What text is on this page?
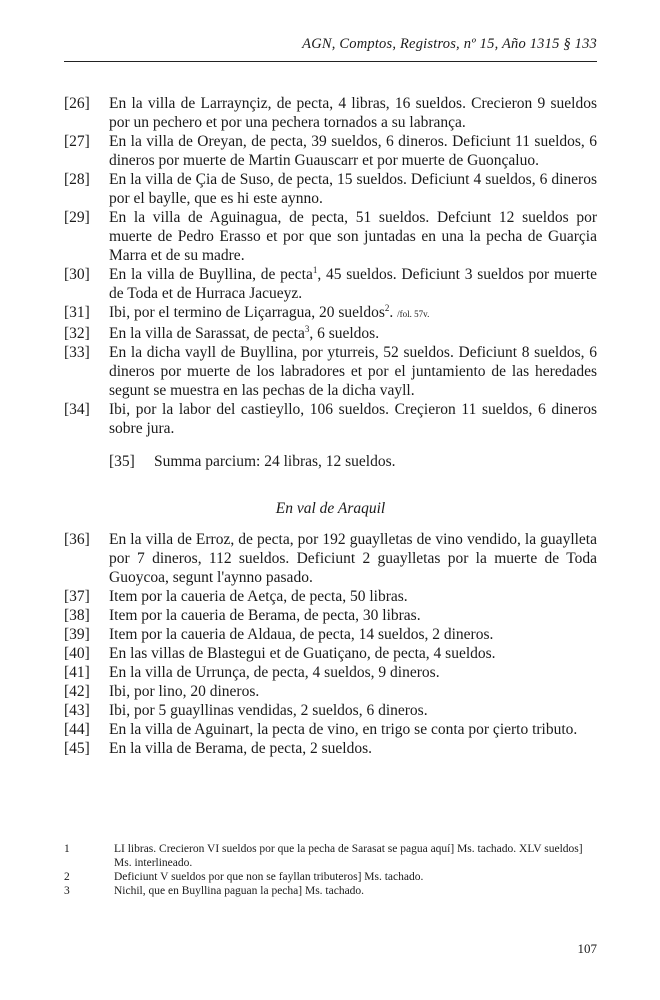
AGN, Comptos, Registros, nº 15, Año 1315 § 133
[26] En la villa de Larraynçiz, de pecta, 4 libras, 16 sueldos. Crecieron 9 sueldos por un pechero et por una pechera tornados a su labrança.
[27] En la villa de Oreyan, de pecta, 39 sueldos, 6 dineros. Deficiunt 11 sueldos, 6 dineros por muerte de Martin Guauscarr et por muerte de Guonçaluo.
[28] En la villa de Çia de Suso, de pecta, 15 sueldos. Deficiunt 4 sueldos, 6 dineros por el baylle, que es hi este aynno.
[29] En la villa de Aguinagua, de pecta, 51 sueldos. Defciunt 12 sueldos por muerte de Pedro Erasso et por que son juntadas en una la pecha de Guarçia Marra et de su madre.
[30] En la villa de Buyllina, de pecta$^1$, 45 sueldos. Deficiunt 3 sueldos por muerte de Toda et de Hurraca Jacueyz.
[31] Ibi, por el termino de Liçarragua, 20 sueldos$^2$. /fol. 57v.
[32] En la villa de Sarassat, de pecta$^3$, 6 sueldos.
[33] En la dicha vayll de Buyllina, por yturreis, 52 sueldos. Deficiunt 8 sueldos, 6 dineros por muerte de los labradores et por el juntamiento de las heredades segunt se muestra en las pechas de la dicha vayll.
[34] Ibi, por la labor del castieyllo, 106 sueldos. Creçieron 11 sueldos, 6 dineros sobre jura.
[35] Summa parcium: 24 libras, 12 sueldos.
En val de Araquil
[36] En la villa de Erroz, de pecta, por 192 guaylletas de vino vendido, la guaylleta por 7 dineros, 112 sueldos. Deficiunt 2 guaylletas por la muerte de Toda Guoycoa, segunt l'aynno pasado.
[37] Item por la caueria de Aetça, de pecta, 50 libras.
[38] Item por la caueria de Berama, de pecta, 30 libras.
[39] Item por la caueria de Aldaua, de pecta, 14 sueldos, 2 dineros.
[40] En las villas de Blastegui et de Guatiçano, de pecta, 4 sueldos.
[41] En la villa de Urrunça, de pecta, 4 sueldos, 9 dineros.
[42] Ibi, por lino, 20 dineros.
[43] Ibi, por 5 guayllinas vendidas, 2 sueldos, 6 dineros.
[44] En la villa de Aguinart, la pecta de vino, en trigo se conta por çierto tributo.
[45] En la villa de Berama, de pecta, 2 sueldos.
1	LI libras. Crecieron VI sueldos por que la pecha de Sarasat se pagua aquí] Ms. tachado. XLV sueldos] Ms. interlineado.
2	Deficiunt V sueldos por que non se fayllan tributeros] Ms. tachado.
3	Nichil, que en Buyllina paguan la pecha] Ms. tachado.
107
